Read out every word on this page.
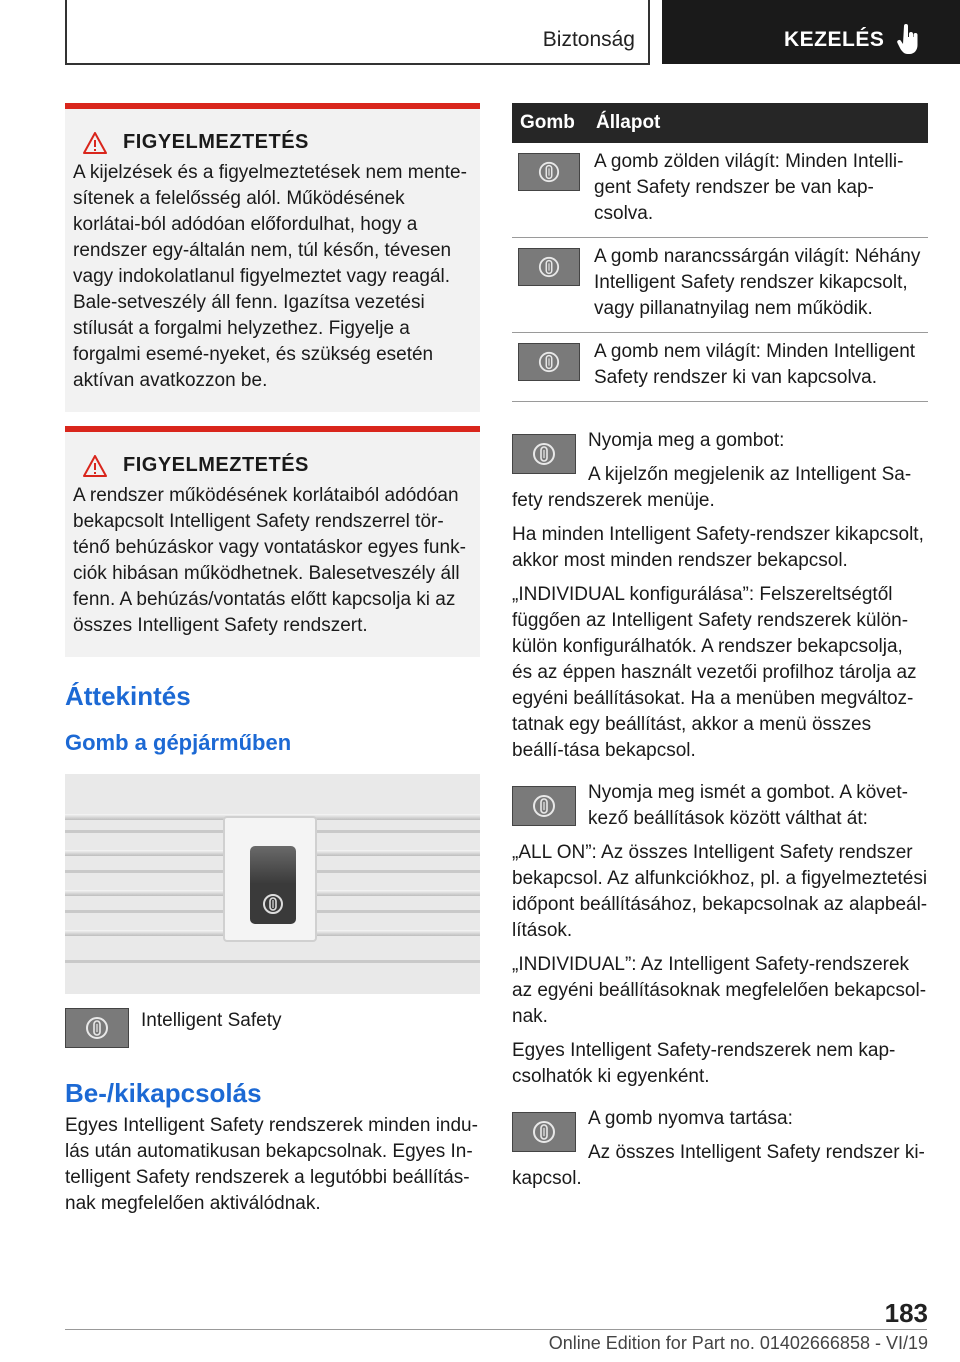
Biztonság	KEZELÉS
FIGYELMEZTETÉS
A kijelzések és a figyelmeztetések nem mente-sítenek a felelősség alól. Működésének korlátai-ból adódóan előfordulhat, hogy a rendszer egy-általán nem, túl későn, tévesen vagy indokolatlanul figyelmeztet vagy reagál. Bale-setveszély áll fenn. Igazítsa vezetési stílusát a forgalmi helyzethez. Figyelje a forgalmi esemé-nyeket, és szükség esetén aktívan avatkozzon be.
FIGYELMEZTETÉS
A rendszer működésének korlátaiból adódóan bekapcsolt Intelligent Safety rendszerrel tör-ténő behúzáskor vagy vontatáskor egyes funk-ciók hibásan működhetnek. Balesetveszély áll fenn. A behúzás/vontatás előtt kapcsolja ki az összes Intelligent Safety rendszert.
Áttekintés
Gomb a gépjárműben
Intelligent Safety
Be-/kikapcsolás

Egyes Intelligent Safety rendszerek minden indu-lás után automatikusan bekapcsolnak. Egyes In-telligent Safety rendszerek a legutóbbi beállítás-nak megfelelően aktiválódnak.

Gomb	Állapot

	A gomb zölden világít: Minden Intelli-gent Safety rendszer be van kap-csolva.

	A gomb narancssárgán világít: Néhány Intelligent Safety rendszer kikapcsolt, vagy pillanatnyilag nem működik.

	A gomb nem világít: Minden Intelligent Safety rendszer ki van kapcsolva.

Nyomja meg a gombot:

A kijelzőn megjelenik az Intelligent Sa-fety rendszerek menüje.

Ha minden Intelligent Safety-rendszer kikapcsolt, akkor most minden rendszer bekapcsol.

„INDIVIDUAL konfigurálása”: Felszereltségtől függően az Intelligent Safety rendszerek külön-külön konfigurálhatók. A rendszer bekapcsolja, és az éppen használt vezetői profilhoz tárolja az egyéni beállításokat. Ha a menüben megváltoz-tatnak egy beállítást, akkor a menü összes beállí-tása bekapcsol.

Nyomja meg ismét a gombot. A követ-kező beállítások között válthat át:

„ALL ON”: Az összes Intelligent Safety rendszer bekapcsol. Az alfunkciókhoz, pl. a figyelmeztetési időpont beállításához, bekapcsolnak az alapbeál-lítások.

„INDIVIDUAL”: Az Intelligent Safety-rendszerek az egyéni beállításoknak megfelelően bekapcsol-nak.

Egyes Intelligent Safety-rendszerek nem kap-csolhatók ki egyenként.

A gomb nyomva tartása:

Az összes Intelligent Safety rendszer ki-kapcsol.

183
Online Edition for Part no. 01402666858 - VI/19
